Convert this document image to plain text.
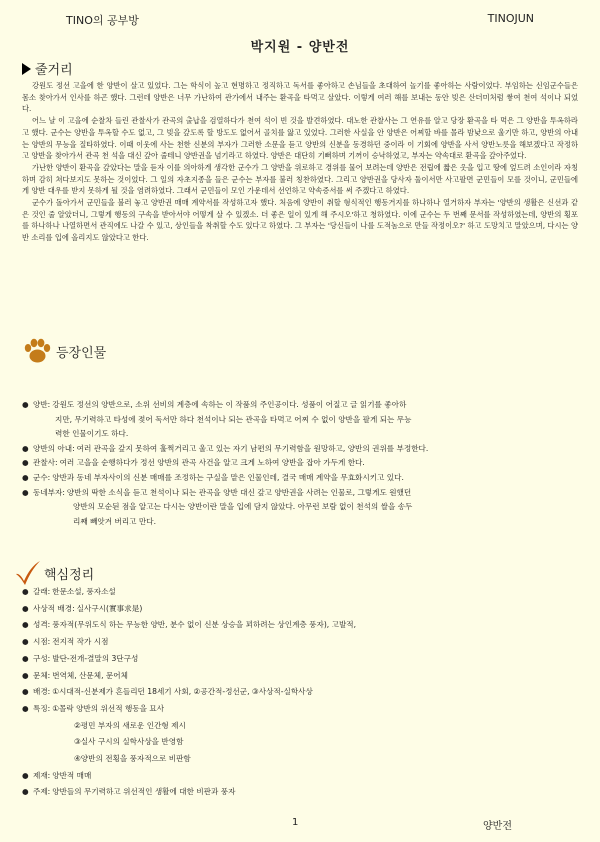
TINO의 공부방	TINOJUN
박지원 - 양반전
줄거리

강원도 정선 고을에 한 양반이 살고 있었다. 그는 학식이 높고 현명하고 정직하고 독서를 좋아하고 손님들을 초대하여 놀기를 좋아하는 사람이었다. 부임하는 신임군수들은 몸소 찾아가서 인사를 하곤 했다. 그런데 양반은 너무 가난하여 관가에서 내주는 환곡을 타먹고 살았다. 이렇게 여러 해를 보내는 동안 빚은 산더미처럼 쌓여 천여 석이나 되었다.

어느 날 이 고을에 순찰차 들린 관찰사가 관곡의 출납을 검열하다가 천여 석이 빈 것을 발견하였다. 대노한 관찰사는 그 연유를 알고 당장 환곡을 타 먹은 그 양반을 투옥하라고 했다. 군수는 양반을 투옥할 수도 없고, 그 빚을 갚도록 할 방도도 없어서 골치를 앓고 있었다. 그러한 사실을 안 양반은 어찌할 바를 몰라 밤낮으로 울기만 하고, 양반의 아내는 양반의 무능을 질타하였다. 이때 이웃에 사는 천한 신분의 부자가 그러한 소문을 듣고 양반의 신분을 동경하던 중이라 이 기회에 양반을 사서 양반노릇을 해보겠다고 작정하고 양반을 찾아가서 관곡 천 석을 대신 갚아 줄테니 양반권을 넘기라고 하였다. 양반은 대단히 기뻐하며 기꺼이 승낙하였고, 부자는 약속대로 환곡을 갚아주었다.

가난한 양반이 환곡을 갚았다는 말을 듣자 이를 의아하게 생각한 군수가 그 양반을 위로하고 경위를 물어 보려는데 양반은 전립에 짧은 옷을 입고 땅에 엎드려 소인이라 자칭하며 감히 쳐다보지도 못하는 것이었다. 그 일의 자초지종을 들은 군수는 부자를 불러 칭찬하였다. 그리고 양반권을 당사자 둘이서만 사고팔면 군민들이 모를 것이니, 군민들에게 양반 대우를 받지 못하게 될 것을 염려하였다. 그래서 군민들이 모인 가운데서 선언하고 약속증서를 써 주겠다고 하였다.

군수가 돌아가서 군민들을 불러 놓고 양반권 매매 계약서를 작성하고자 했다. 처음에 양반이 취할 형식적인 행동거지를 하나하나 열거하자 부자는 '양반의 생활은 신선과 같은 것인 줄 알았더니, 그렇게 행동의 구속을 받아서야 어떻게 살 수 있겠소. 더 좋은 일이 있게 해 주시오'하고 청하였다. 이에 군수는 두 번째 문서를 작성하였는데, 양반의 횡포를 하나하나 나열하면서 관직에도 나갈 수 있고, 상인들을 착취할 수도 있다고 하였다. 그 부자는 '당신들이 나를 도적놈으로 만들 작정이오?' 하고 도망치고 말았으며, 다시는 양반 소리를 입에 올리지도 않았다고 한다.

등장인물
● 양반: 강원도 정선의 양반으로, 소위 선비의 계층에 속하는 이 작품의 주인공이다. 성품이 어질고 글 읽기를 좋아하
지만, 무기력하고 타성에 젖어 독서만 하다 천석이나 되는 관곡을 타먹고 어찌 수 없이 양반을 팔게 되는 무능
력한 인물이기도 하다.
● 양반의 아내: 여러 관곡을 갚지 못하여 훌쩍거리고 울고 있는 자기 남편의 무기력함을 원망하고, 양반의 권위를 부정한다.
● 관찰사: 여러 고을을 순행하다가 정선 양반의 관곡 사건을 알고 크게 노하여 양반을 잡아 가두게 한다.
● 군수: 양반과 동네 부자사이의 신분 매매를 조정하는 구실을 맡은 인물인데, 결국 매매 계약을 무효화시키고 있다.
● 동네부자: 양반의 딱한 소식을 듣고 천석이나 되는 관곡을 양반 대신 갚고 양반권을 사려는 인물로, 그렇게도 원했던
양반의 모순된 점을 알고는 다시는 양반이란 말을 입에 담지 않았다. 아무런 보람 없이 천석의 쌀을 송두
리째 빼앗겨 버리고 만다.
핵심정리
● 갈래: 한문소설, 풍자소설
● 사상적 배경: 실사구시(實事求是)
● 성격: 풍자적(무위도식 하는 무능한 양반, 분수 없이 신분 상승을 꾀하려는 상인계층 풍자), 고발적,
● 시점: 전지적 작가 시점
● 구성: 발단-전개-결말의 3단구성
● 문체: 번역체, 산문체, 문어체
● 배경: ①시대적-신분제가 흔들리던 18세기 사회, ②공간적-정선군, ③사상적-실학사상
● 특징: ①몰락 양반의 위선적 행동을 묘사
②평민 부자의 새로운 인간형 제시
③실사 구시의 실학사상을 반영함
④양반의 전횡을 풍자적으로 비판함
● 제재: 양반적 매매
● 주제: 양반들의 무기력하고 위선적인 생활에 대한 비판과 풍자
1	양반전
